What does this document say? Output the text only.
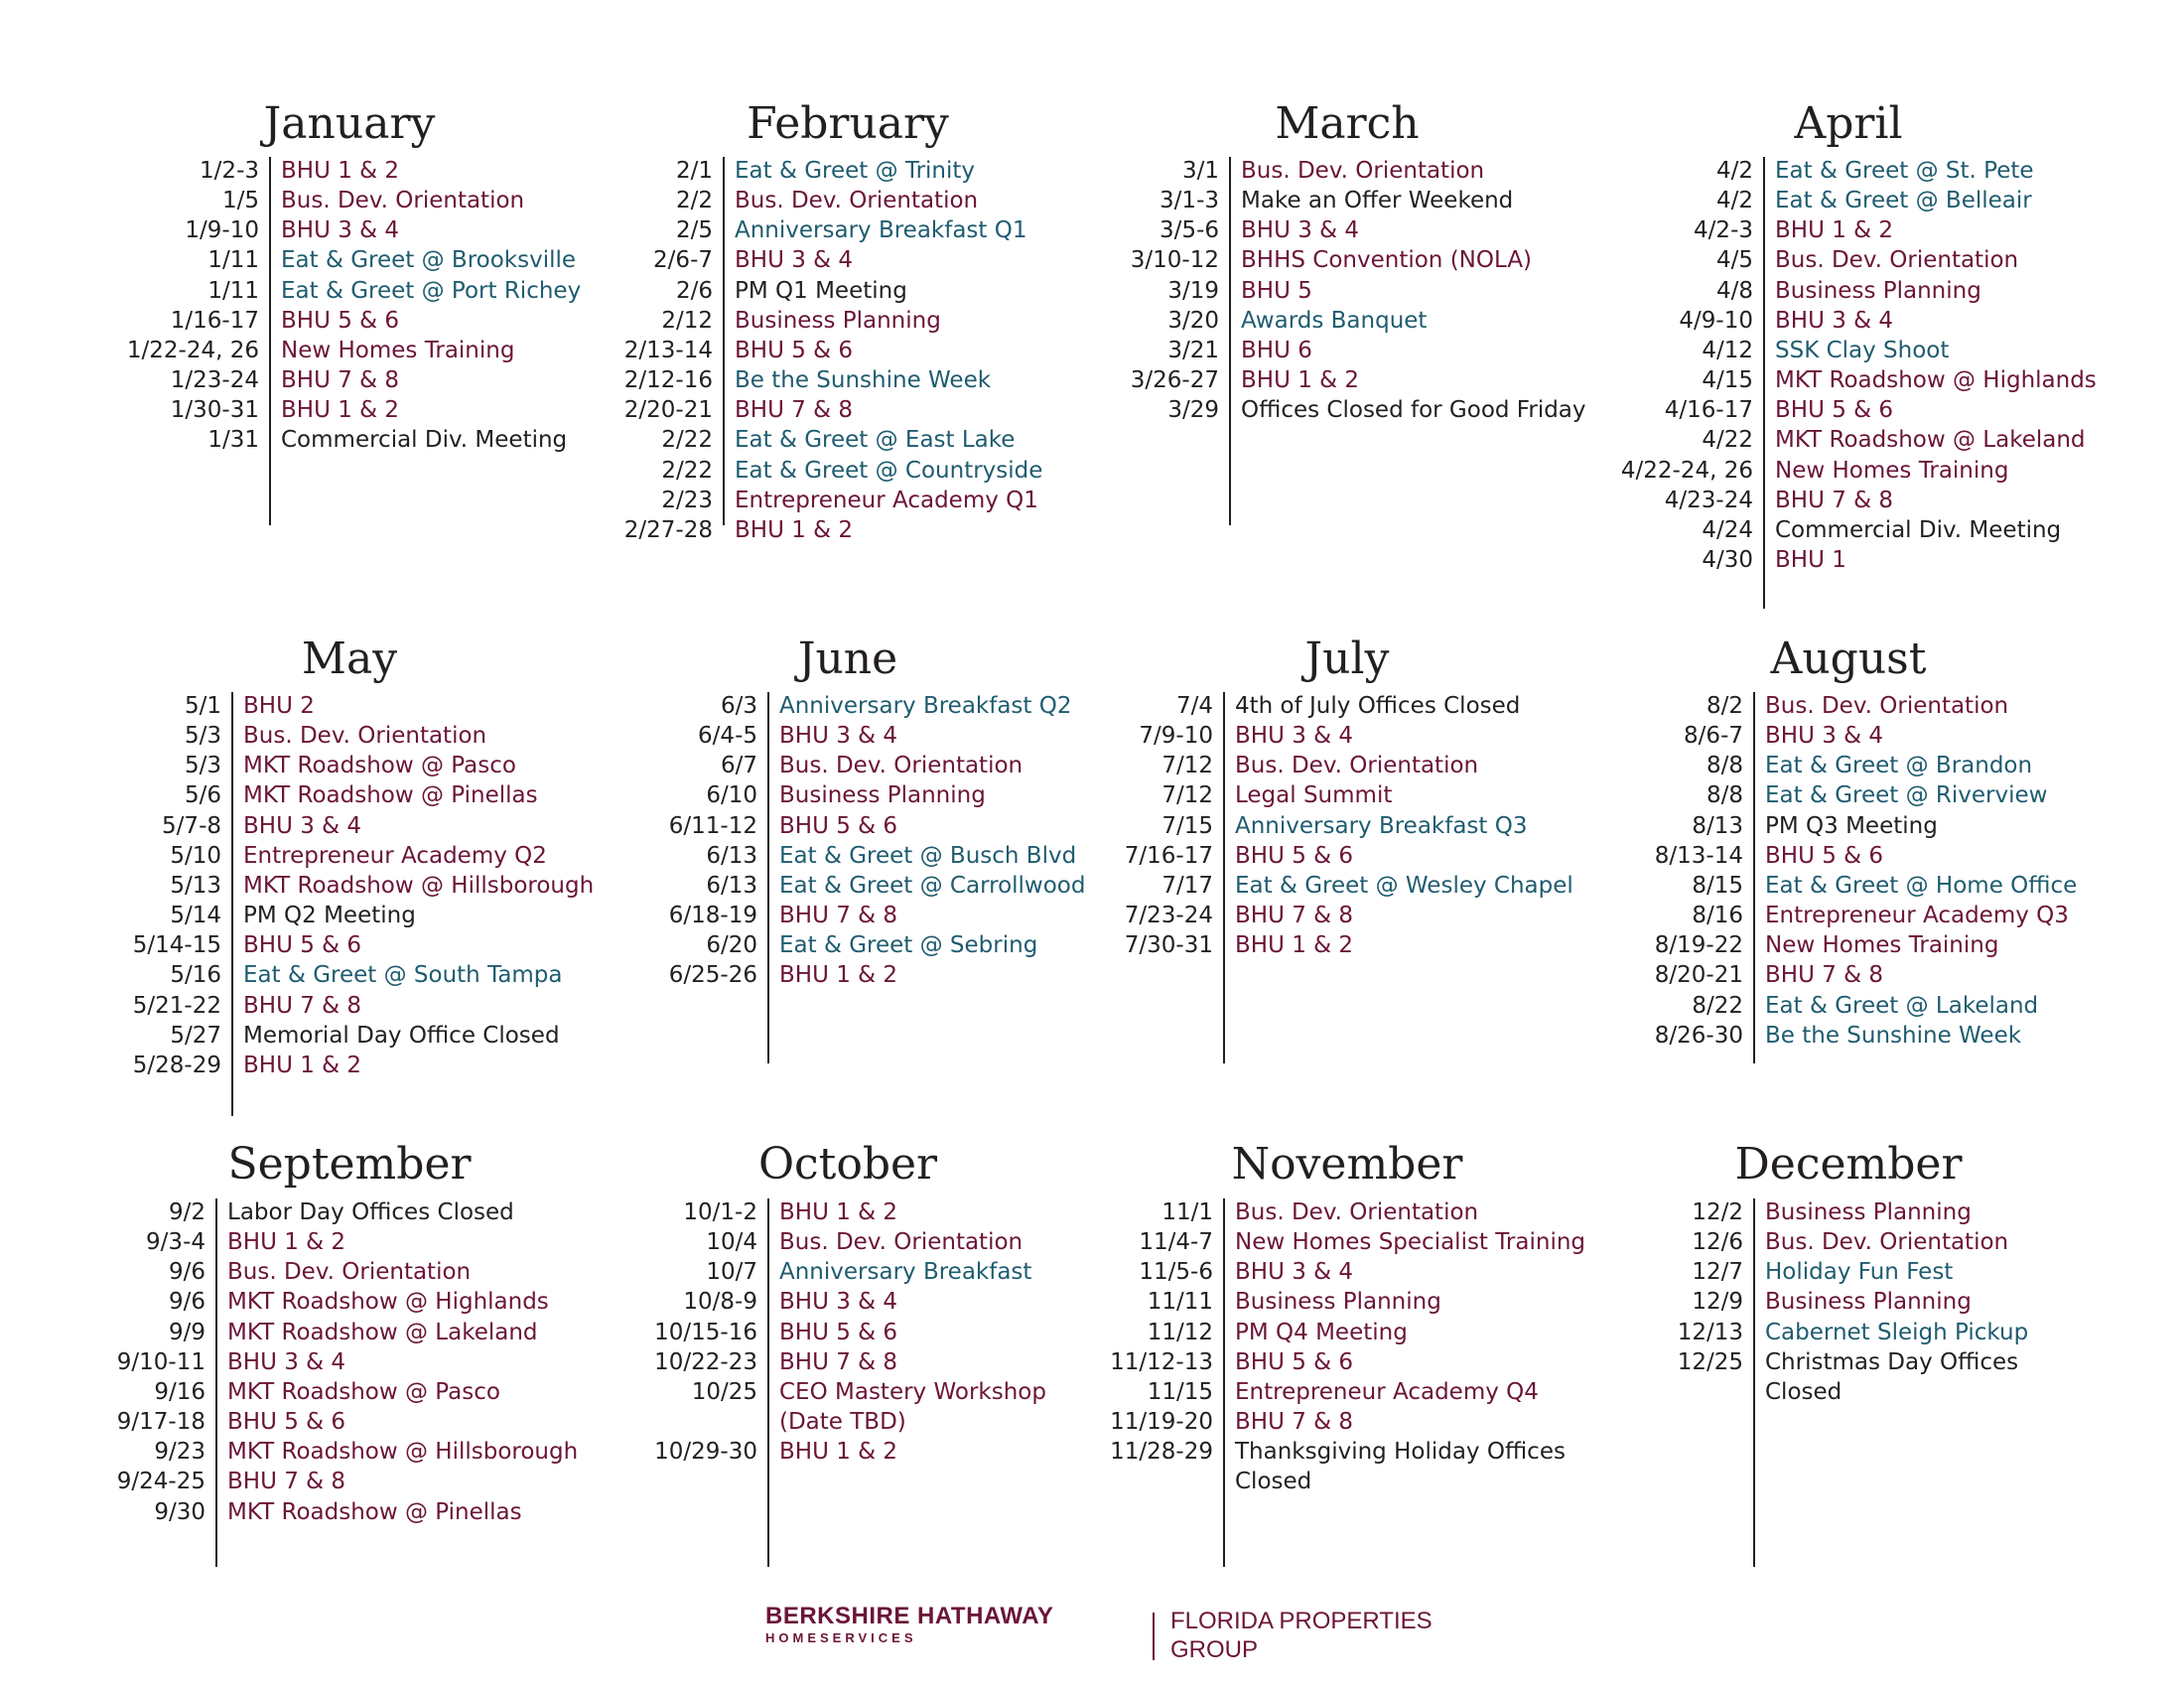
January
1/2-3 BHU 1 & 2
1/5 Bus. Dev. Orientation
1/9-10 BHU 3 & 4
1/11 Eat & Greet @ Brooksville
1/11 Eat & Greet @ Port Richey
1/16-17 BHU 5 & 6
1/22-24, 26 New Homes Training
1/23-24 BHU 7 & 8
1/30-31 BHU 1 & 2
1/31 Commercial Div. Meeting
February
2/1 Eat & Greet @ Trinity
2/2 Bus. Dev. Orientation
2/5 Anniversary Breakfast Q1
2/6-7 BHU 3 & 4
2/6 PM Q1 Meeting
2/12 Business Planning
2/13-14 BHU 5 & 6
2/12-16 Be the Sunshine Week
2/20-21 BHU 7 & 8
2/22 Eat & Greet @ East Lake
2/22 Eat & Greet @ Countryside
2/23 Entrepreneur Academy Q1
2/27-28 BHU 1 & 2
March
3/1 Bus. Dev. Orientation
3/1-3 Make an Offer Weekend
3/5-6 BHU 3 & 4
3/10-12 BHHS Convention (NOLA)
3/19 BHU 5
3/20 Awards Banquet
3/21 BHU 6
3/26-27 BHU 1 & 2
3/29 Offices Closed for Good Friday
April
4/2 Eat & Greet @ St. Pete
4/2 Eat & Greet @ Belleair
4/2-3 BHU 1 & 2
4/5 Bus. Dev. Orientation
4/8 Business Planning
4/9-10 BHU 3 & 4
4/12 SSK Clay Shoot
4/15 MKT Roadshow @ Highlands
4/16-17 BHU 5 & 6
4/22 MKT Roadshow @ Lakeland
4/22-24, 26 New Homes Training
4/23-24 BHU 7 & 8
4/24 Commercial Div. Meeting
4/30 BHU 1
May
5/1 BHU 2
5/3 Bus. Dev. Orientation
5/3 MKT Roadshow @ Pasco
5/6 MKT Roadshow @ Pinellas
5/7-8 BHU 3 & 4
5/10 Entrepreneur Academy Q2
5/13 MKT Roadshow @ Hillsborough
5/14 PM Q2 Meeting
5/14-15 BHU 5 & 6
5/16 Eat & Greet @ South Tampa
5/21-22 BHU 7 & 8
5/27 Memorial Day Office Closed
5/28-29 BHU 1 & 2
June
6/3 Anniversary Breakfast Q2
6/4-5 BHU 3 & 4
6/7 Bus. Dev. Orientation
6/10 Business Planning
6/11-12 BHU 5 & 6
6/13 Eat & Greet @ Busch Blvd
6/13 Eat & Greet @ Carrollwood
6/18-19 BHU 7 & 8
6/20 Eat & Greet @ Sebring
6/25-26 BHU 1 & 2
July
7/4 4th of July Offices Closed
7/9-10 BHU 3 & 4
7/12 Bus. Dev. Orientation
7/12 Legal Summit
7/15 Anniversary Breakfast Q3
7/16-17 BHU 5 & 6
7/17 Eat & Greet @ Wesley Chapel
7/23-24 BHU 7 & 8
7/30-31 BHU 1 & 2
August
8/2 Bus. Dev. Orientation
8/6-7 BHU 3 & 4
8/8 Eat & Greet @ Brandon
8/8 Eat & Greet @ Riverview
8/13 PM Q3 Meeting
8/13-14 BHU 5 & 6
8/15 Eat & Greet @ Home Office
8/16 Entrepreneur Academy Q3
8/19-22 New Homes Training
8/20-21 BHU 7 & 8
8/22 Eat & Greet @ Lakeland
8/26-30 Be the Sunshine Week
September
9/2 Labor Day Offices Closed
9/3-4 BHU 1 & 2
9/6 Bus. Dev. Orientation
9/6 MKT Roadshow @ Highlands
9/9 MKT Roadshow @ Lakeland
9/10-11 BHU 3 & 4
9/16 MKT Roadshow @ Pasco
9/17-18 BHU 5 & 6
9/23 MKT Roadshow @ Hillsborough
9/24-25 BHU 7 & 8
9/30 MKT Roadshow @ Pinellas
October
10/1-2 BHU 1 & 2
10/4 Bus. Dev. Orientation
10/7 Anniversary Breakfast
10/8-9 BHU 3 & 4
10/15-16 BHU 5 & 6
10/22-23 BHU 7 & 8
10/25 CEO Mastery Workshop
(Date TBD)
10/29-30 BHU 1 & 2
November
11/1 Bus. Dev. Orientation
11/4-7 New Homes Specialist Training
11/5-6 BHU 3 & 4
11/11 Business Planning
11/12 PM Q4 Meeting
11/12-13 BHU 5 & 6
11/15 Entrepreneur Academy Q4
11/19-20 BHU 7 & 8
11/28-29 Thanksgiving Holiday Offices
Closed
December
12/2 Business Planning
12/6 Bus. Dev. Orientation
12/7 Holiday Fun Fest
12/9 Business Planning
12/13 Cabernet Sleigh Pickup
12/25 Christmas Day Offices
Closed
BERKSHIRE HATHAWAY
HOMESERVICES
FLORIDA PROPERTIES
GROUP
